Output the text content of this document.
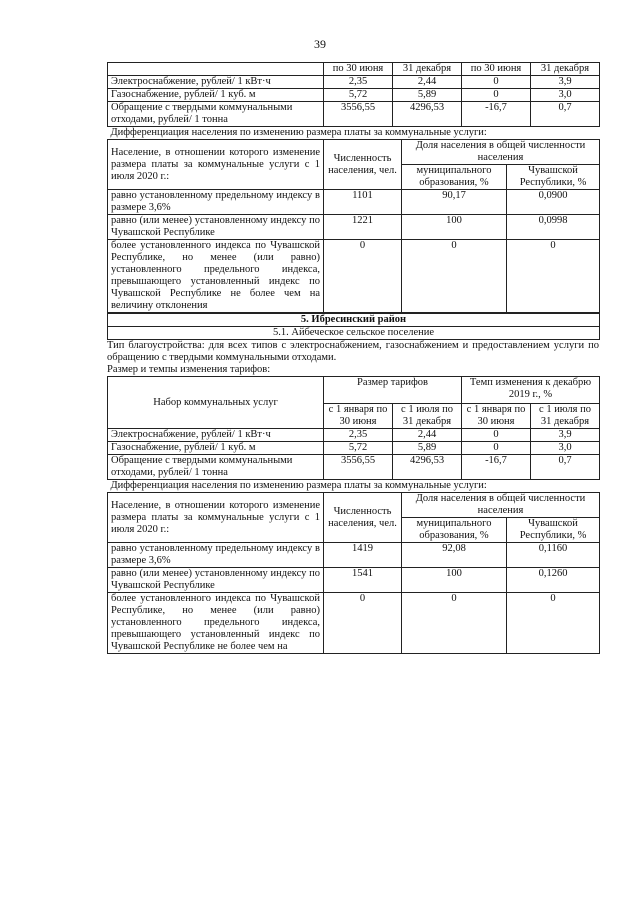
39
	по 30 июня	31 декабря	по 30 июня	31 декабря
Электроснабжение, рублей/ 1 кВт·ч	2,35	2,44	0	3,9
Газоснабжение, рублей/ 1 куб. м	5,72	5,89	0	3,0
Обращение с твердыми коммунальными отходами, рублей/ 1 тонна	3556,55	4296,53	-16,7	0,7
Дифференциация населения по изменению размера платы за коммунальные услуги:			
Население, в отношении которого изменение размера платы за коммунальные услуги с 1 июля 2020 г.:	Численность населения, чел.	Доля населения в общей численности населения	
		муниципального образования, %	Чувашской Республики, %
равно установленному предельному индексу в размере 3,6%	1101	90,17	0,0900
равно (или менее) установленному индексу по Чувашской Республике	1221	100	0,0998
более установленного индекса по Чувашской Республике, но менее (или равно) установленного предельного индекса, превышающего установленный индекс по Чувашской Республике не более чем на величину отклонения	0	0	0
5. Ибресинский район
5.1. Айбеческое сельское поселение
Тип благоустройства: для всех типов с электроснабжением, газоснабжением и предоставлением услуги по обращению с твердыми коммунальными отходами.
Размер и темпы изменения тарифов:
Набор коммунальных услуг	Размер тарифов		Темп изменения к декабрю 2019 г., %	
	с 1 января по 30 июня	с 1 июля по 31 декабря	с 1 января по 30 июня	с 1 июля по 31 декабря
Электроснабжение, рублей/ 1 кВт·ч	2,35	2,44	0	3,9
Газоснабжение, рублей/ 1 куб. м	5,72	5,89	0	3,0
Обращение с твердыми коммунальными отходами, рублей/ 1 тонна	3556,55	4296,53	-16,7	0,7
Дифференциация населения по изменению размера платы за коммунальные услуги:			
Население, в отношении которого изменение размера платы за коммунальные услуги с 1 июля 2020 г.:	Численность населения, чел.	Доля населения в общей численности населения	
		муниципального образования, %	Чувашской Республики, %
равно установленному предельному индексу в размере 3,6%	1419	92,08	0,1160
равно (или менее) установленному индексу по Чувашской Республике	1541	100	0,1260
более установленного индекса по Чувашской Республике, но менее (или равно) установленного предельного индекса, превышающего установленный индекс по Чувашской Республике не более чем на	0	0	0
